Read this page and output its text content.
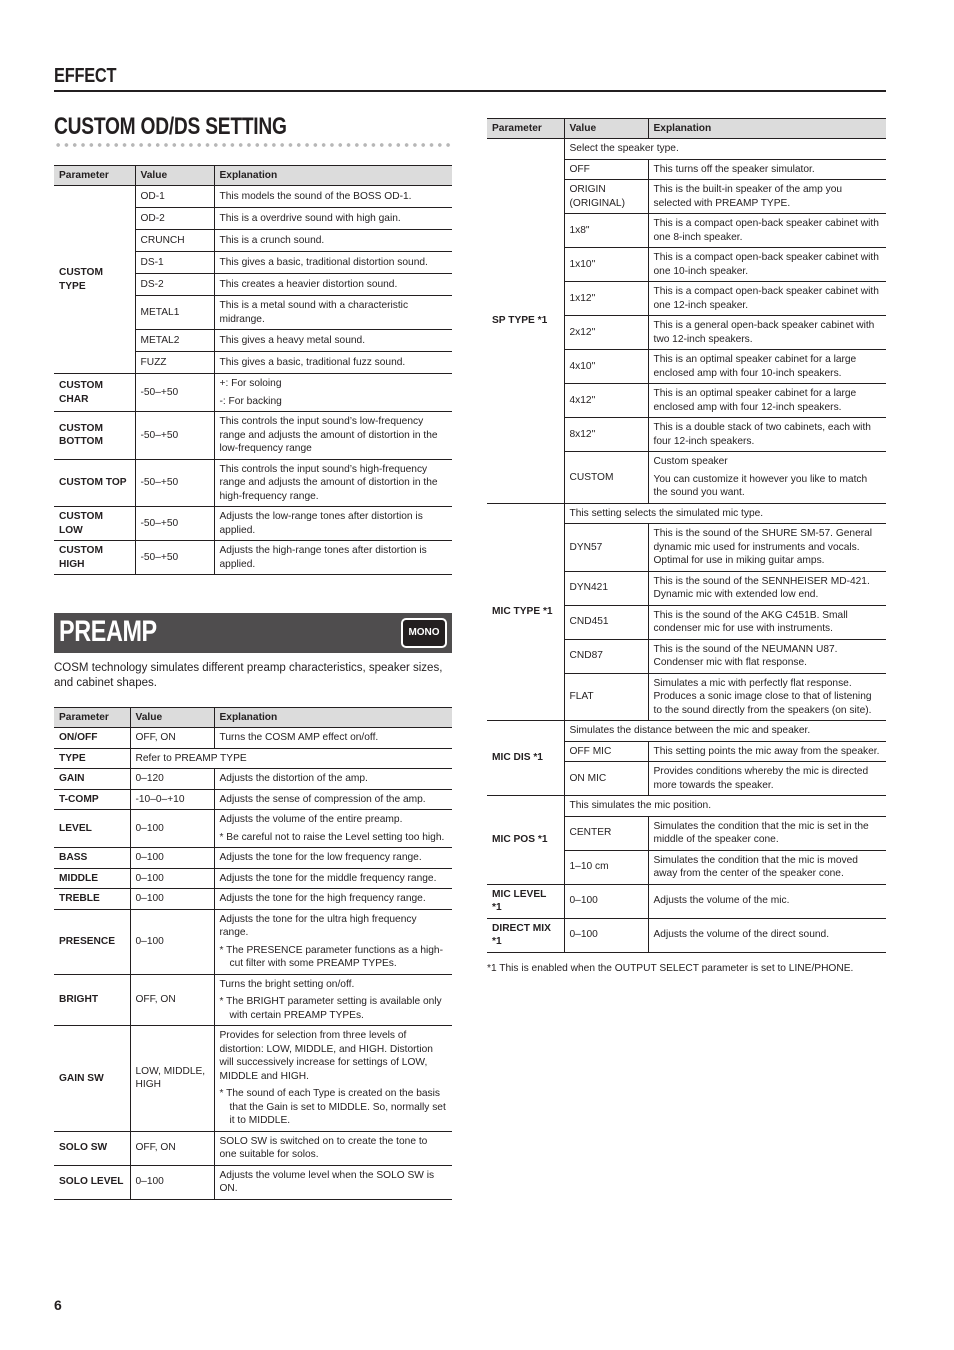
EFFECT
CUSTOM OD/DS SETTING
Parameter	Value	Explanation
CUSTOM TYPE	OD-1	This models the sound of the BOSS OD-1.
	OD-2	This is a overdrive sound with high gain.
	CRUNCH	This is a crunch sound.
	DS-1	This gives a basic, traditional distortion sound.
	DS-2	This creates a heavier distortion sound.
	METAL1	This is a metal sound with a characteristic midrange.
	METAL2	This gives a heavy metal sound.
	FUZZ	This gives a basic, traditional fuzz sound.
CUSTOM CHAR	-50–+50	+: For soloing
-: For backing

CUSTOM BOTTOM	-50–+50	This controls the input sound’s low-frequency range and adjusts the amount of distortion in the low-frequency range
CUSTOM TOP	-50–+50	This controls the input sound’s high-frequency range and adjusts the amount of distortion in the high-frequency range.
CUSTOM LOW	-50–+50	Adjusts the low-range tones after distortion is applied.
CUSTOM HIGH	-50–+50	Adjusts the high-range tones after distortion is applied.
PREAMP	MONO
COSM technology simulates different preamp characteristics, speaker sizes, and cabinet shapes.
Parameter	Value	Explanation
ON/OFF	OFF, ON	Turns the COSM AMP effect on/off.
TYPE	Refer to PREAMP TYPE	
GAIN	0–120	Adjusts the distortion of the amp.
T-COMP	-10–0–+10	Adjusts the sense of compression of the amp.
LEVEL	0–100	Adjusts the volume of the entire preamp.
* Be careful not to raise the Level setting too high.

BASS	0–100	Adjusts the tone for the low frequency range.
MIDDLE	0–100	Adjusts the tone for the middle frequency range.
TREBLE	0–100	Adjusts the tone for the high frequency range.
PRESENCE	0–100	Adjusts the tone for the ultra high frequency range.
* The PRESENCE parameter functions as a high-cut filter with some PREAMP TYPEs.

BRIGHT	OFF, ON	Turns the bright setting on/off.
* The BRIGHT parameter setting is available only with certain PREAMP TYPEs.

GAIN SW	LOW, MIDDLE, HIGH	Provides for selection from three levels of distortion: LOW, MIDDLE, and HIGH. Distortion will successively increase for settings of LOW, MIDDLE and HIGH.
* The sound of each Type is created on the basis that the Gain is set to MIDDLE. So, normally set it to MIDDLE.

SOLO SW	OFF, ON	SOLO SW is switched on to create the tone to one suitable for solos.
SOLO LEVEL	0–100	Adjusts the volume level when the SOLO SW is ON.
Parameter	Value	Explanation
SP TYPE *1	Select the speaker type.	
	OFF	This turns off the speaker simulator.
	ORIGIN (ORIGINAL)	This is the built-in speaker of the amp you selected with PREAMP TYPE.
	1x8"	This is a compact open-back speaker cabinet with one 8-inch speaker.
	1x10"	This is a compact open-back speaker cabinet with one 10-inch speaker.
	1x12"	This is a compact open-back speaker cabinet with one 12-inch speaker.
	2x12"	This is a general open-back speaker cabinet with two 12-inch speakers.
	4x10"	This is an optimal speaker cabinet for a large enclosed amp with four 10-inch speakers.
	4x12"	This is an optimal speaker cabinet for a large enclosed amp with four 12-inch speakers.
	8x12"	This is a double stack of two cabinets, each with four 12-inch speakers.
	CUSTOM	Custom speaker
You can customize it however you like to match the sound you want.

MIC TYPE *1	This setting selects the simulated mic type.	
	DYN57	This is the sound of the SHURE SM-57. General dynamic mic used for instruments and vocals. Optimal for use in miking guitar amps.
	DYN421	This is the sound of the SENNHEISER MD-421. Dynamic mic with extended low end.
	CND451	This is the sound of the AKG C451B. Small condenser mic for use with instruments.
	CND87	This is the sound of the NEUMANN U87. Condenser mic with flat response.
	FLAT	Simulates a mic with perfectly flat response. Produces a sonic image close to that of listening to the sound directly from the speakers (on site).
MIC DIS *1	Simulates the distance between the mic and speaker.	
	OFF MIC	This setting points the mic away from the speaker.
	ON MIC	Provides conditions whereby the mic is directed more towards the speaker.
MIC POS *1	This simulates the mic position.	
	CENTER	Simulates the condition that the mic is set in the middle of the speaker cone.
	1–10 cm	Simulates the condition that the mic is moved away from the center of the speaker cone.
MIC LEVEL *1	0–100	Adjusts the volume of the mic.
DIRECT MIX *1	0–100	Adjusts the volume of the direct sound.
*1 This is enabled when the OUTPUT SELECT parameter is set to LINE/PHONE.
6
